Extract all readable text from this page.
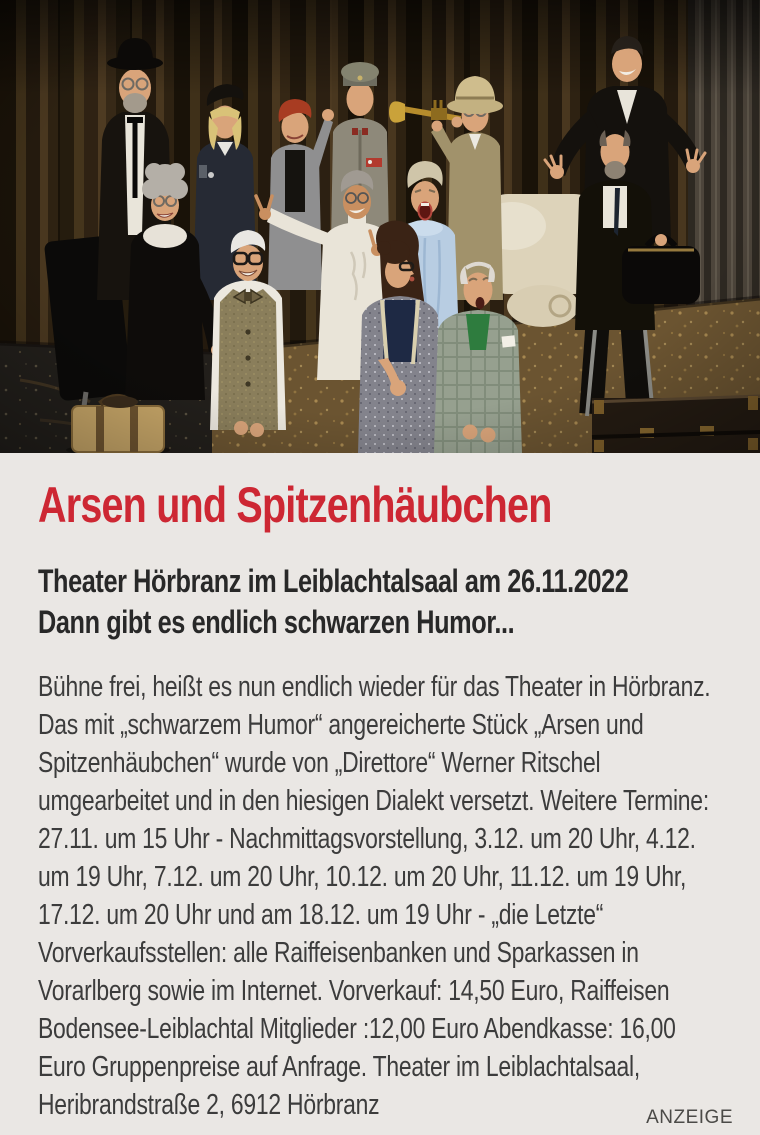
Arsen und Spitzenhäubchen
Theater Hörbranz im Leiblachtalsaal am 26.11.2022
Dann gibt es endlich schwarzen Humor...

Bühne frei, heißt es nun endlich wieder für das Theater in Hörbranz. Das mit „schwarzem Humor“ angereicherte Stück „Arsen und Spitzenhäubchen“ wurde von „Direttore“ Werner Ritschel umgearbeitet und in den hiesigen Dialekt versetzt. Weitere Termine: 27.11. um 15 Uhr - Nachmittagsvorstellung, 3.12. um 20 Uhr, 4.12. um 19 Uhr, 7.12. um 20 Uhr, 10.12. um 20 Uhr, 11.12. um 19 Uhr, 17.12. um 20 Uhr und am 18.12. um 19 Uhr - „die Letzte“ Vorverkaufsstellen: alle Raiffeisenbanken und Sparkassen in Vorarlberg sowie im Internet. Vorverkauf: 14,50 Euro, Raiffeisen Bodensee-Leiblachtal Mitglieder :12,00 Euro Abendkasse: 16,00 Euro Gruppenpreise auf Anfrage. Theater im Leiblachtalsaal, Heribrandstraße 2, 6912 Hörbranz	ANZEIGE
